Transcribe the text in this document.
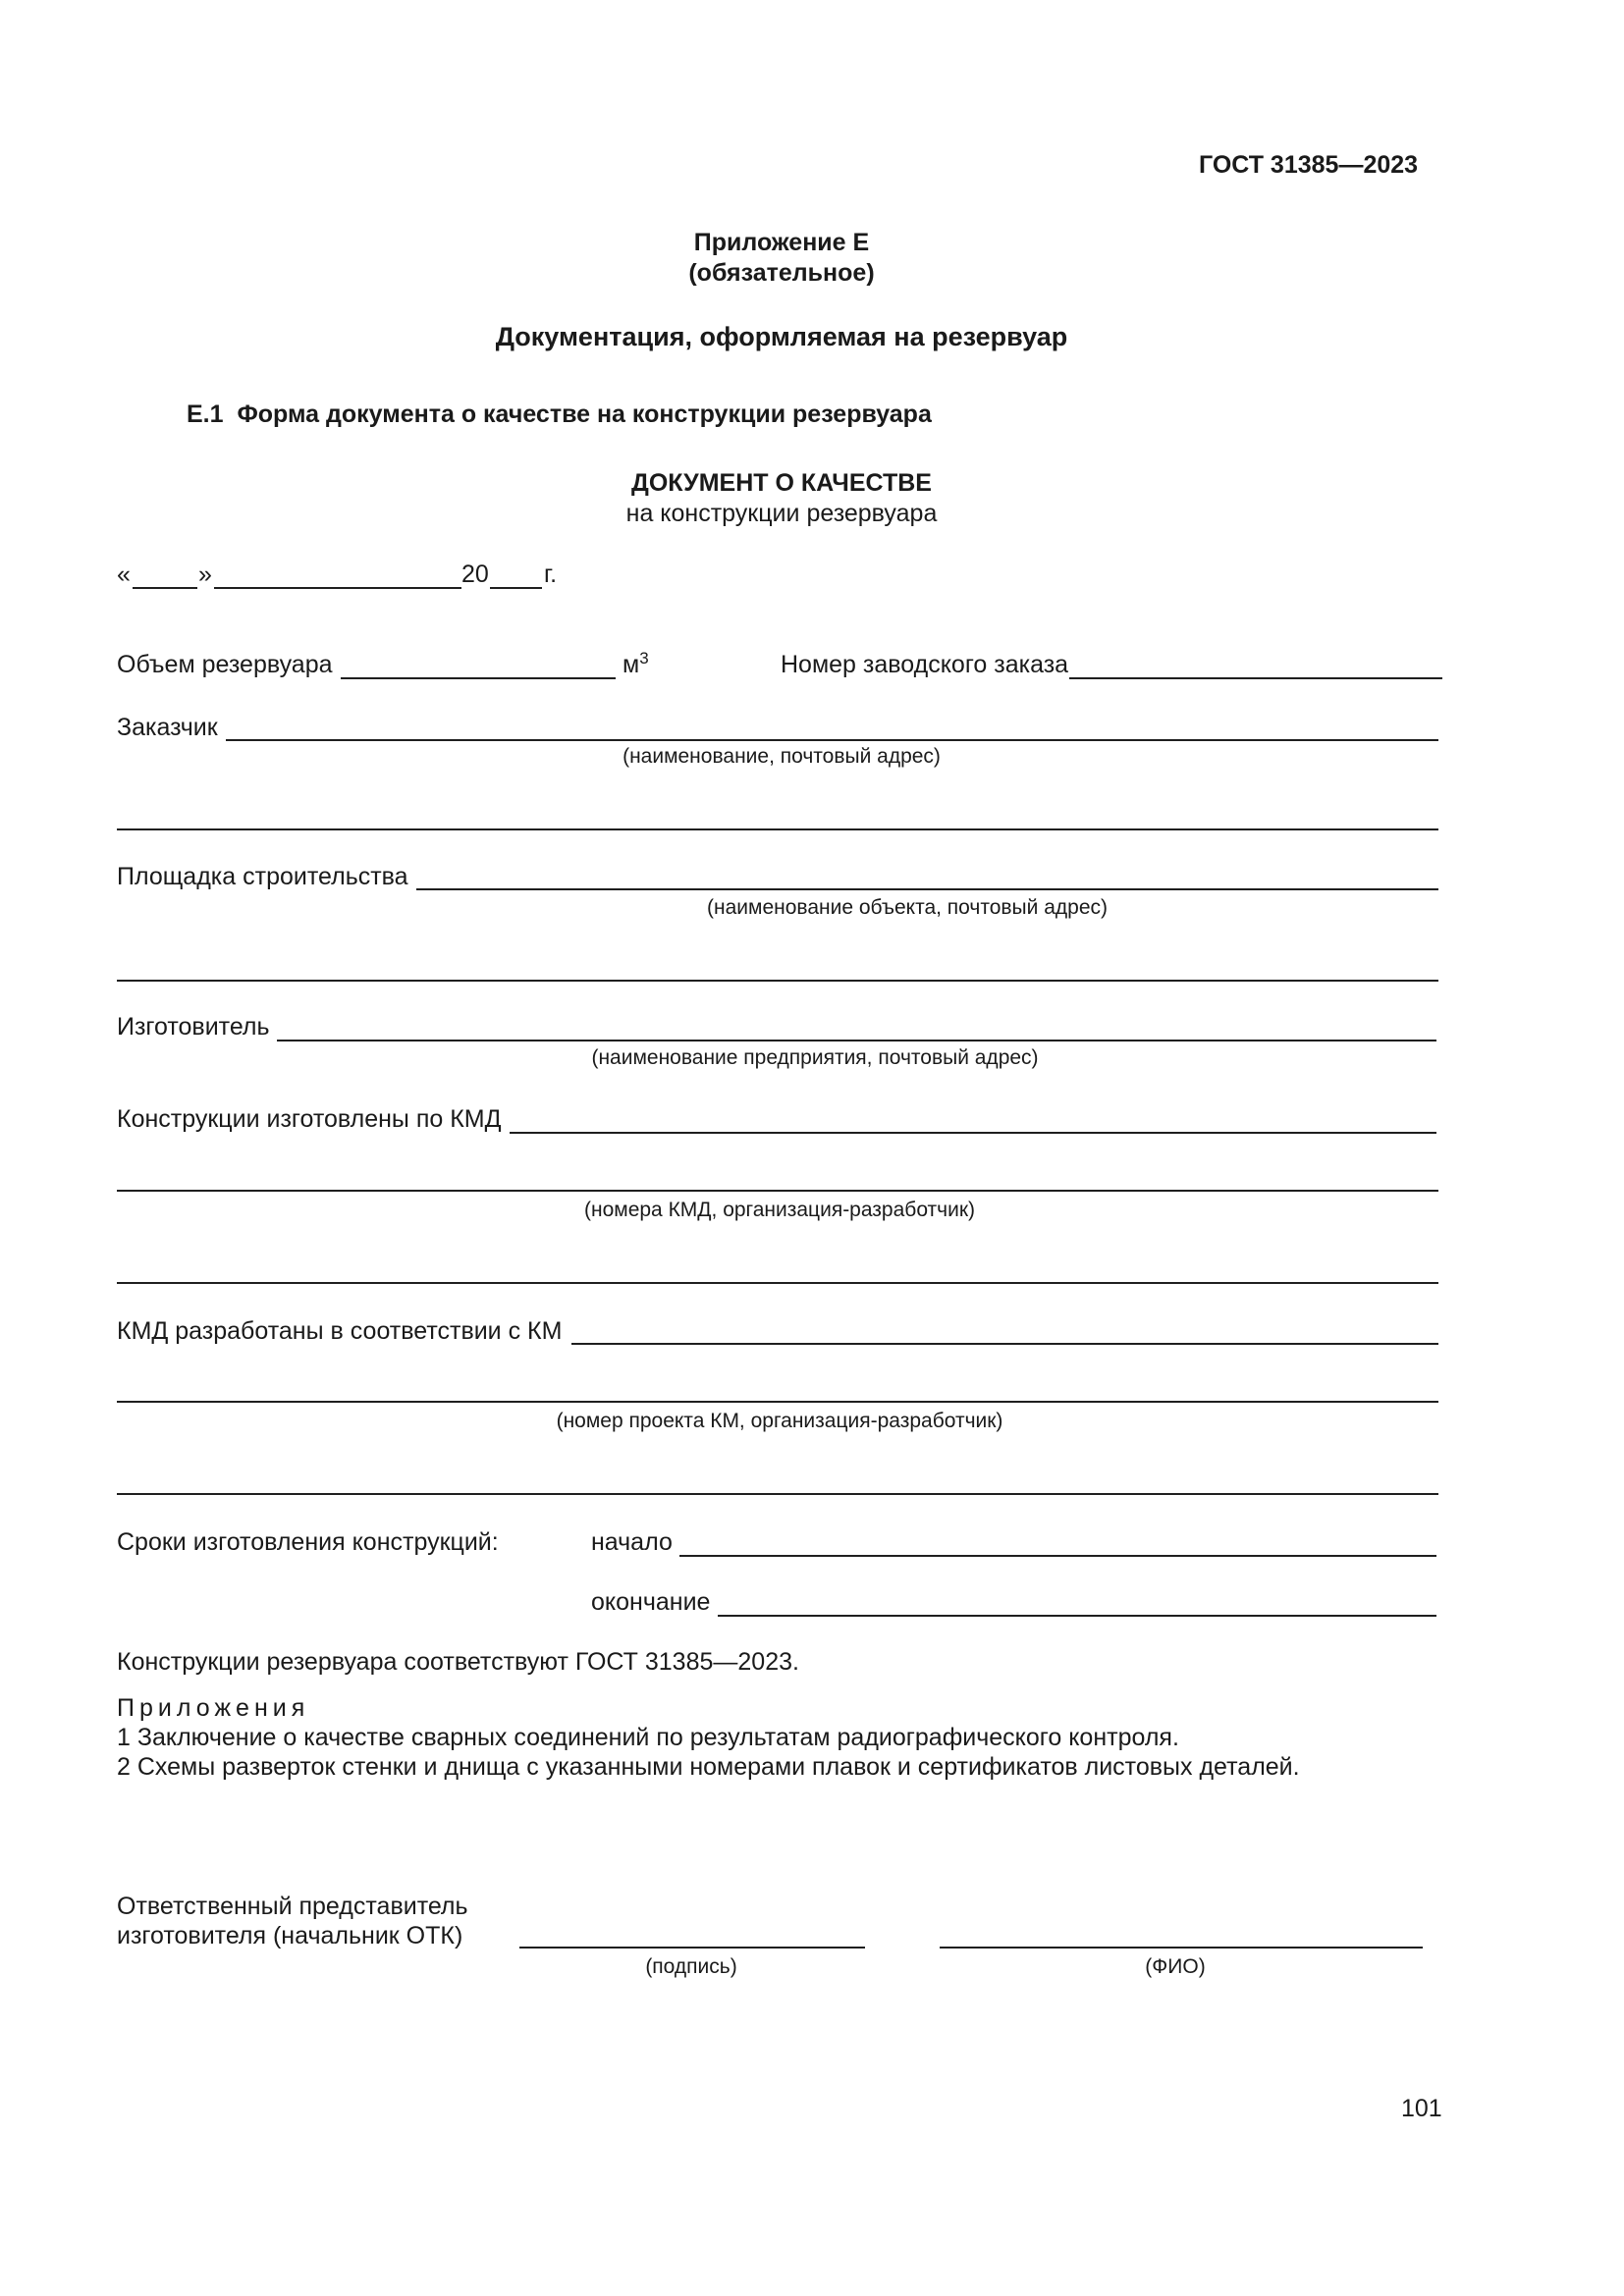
ГОСТ 31385—2023
Приложение Е
(обязательное)
Документация, оформляемая на резервуар
Е.1 Форма документа о качестве на конструкции резервуара
ДОКУМЕНТ О КАЧЕСТВЕ
на конструкции резервуара
«	»	20 г.
Объем резервуара	$м^3$	Номер заводского заказа
Заказчик
(наименование, почтовый адрес)
Площадка строительства
(наименование объекта, почтовый адрес)
Изготовитель
(наименование предприятия, почтовый адрес)
Конструкции изготовлены по КМД
(номера КМД, организация-разработчик)
КМД разработаны в соответствии с КМ
(номер проекта КМ, организация-разработчик)
Сроки изготовления конструкций:	начало
окончание
Конструкции резервуара соответствуют ГОСТ 31385—2023.
Приложения
1 Заключение о качестве сварных соединений по результатам радиографического контроля.
2 Схемы разверток стенки и днища с указанными номерами плавок и сертификатов листовых деталей.
Ответственный представитель
изготовителя (начальник ОТК)
(подпись)	(ФИО)
101
